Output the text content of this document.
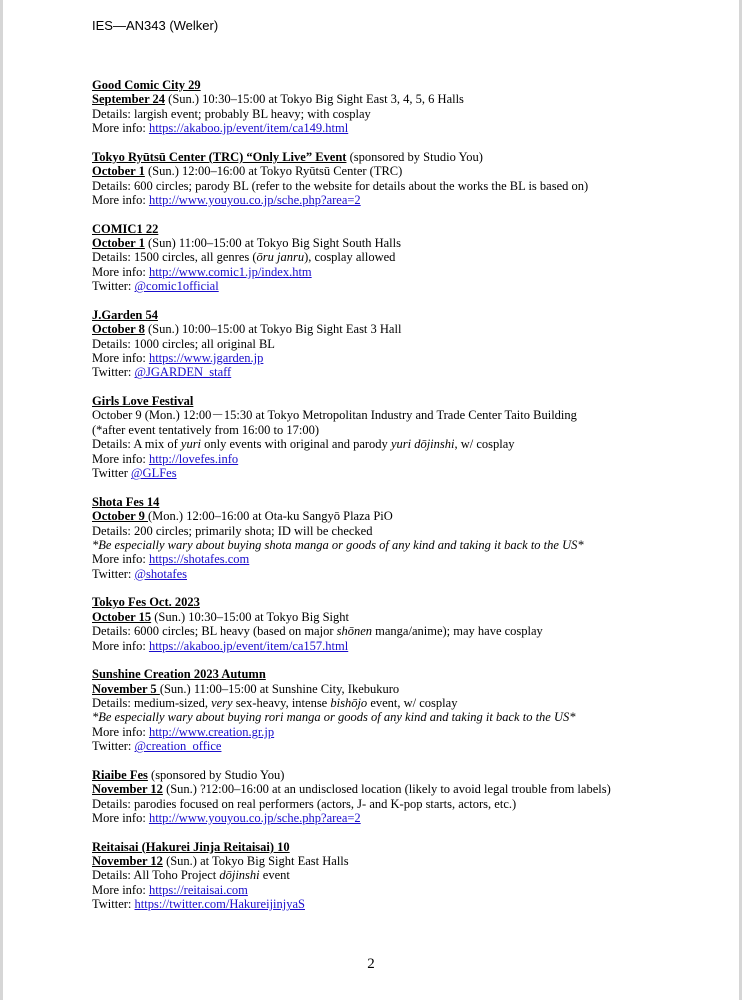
IES—AN343 (Welker)
Good Comic City 29
September 24 (Sun.) 10:30–15:00 at Tokyo Big Sight East 3, 4, 5, 6 Halls
Details: largish event; probably BL heavy; with cosplay
More info: https://akaboo.jp/event/item/ca149.html
Tokyo Ryūtsū Center (TRC) “Only Live” Event (sponsored by Studio You)
October 1 (Sun.) 12:00–16:00 at Tokyo Ryūtsū Center (TRC)
Details: 600 circles; parody BL (refer to the website for details about the works the BL is based on)
More info: http://www.youyou.co.jp/sche.php?area=2
COMIC1 22
October 1 (Sun) 11:00–15:00 at Tokyo Big Sight South Halls
Details: 1500 circles, all genres (ōru janru), cosplay allowed
More info: http://www.comic1.jp/index.htm
Twitter: @comic1official
J.Garden 54
October 8 (Sun.) 10:00–15:00 at Tokyo Big Sight East 3 Hall
Details: 1000 circles; all original BL
More info: https://www.jgarden.jp
Twitter: @JGARDEN_staff
Girls Love Festival
October 9 (Mon.) 12:00－15:30 at Tokyo Metropolitan Industry and Trade Center Taito Building
(*after event tentatively from 16:00 to 17:00)
Details: A mix of yuri only events with original and parody yuri dōjinshi, w/ cosplay
More info: http://lovefes.info
Twitter @GLFes
Shota Fes 14
October 9 (Mon.) 12:00–16:00 at Ota-ku Sangyō Plaza PiO
Details: 200 circles; primarily shota; ID will be checked
*Be especially wary about buying shota manga or goods of any kind and taking it back to the US*
More info: https://shotafes.com
Twitter: @shotafes
Tokyo Fes Oct. 2023
October 15 (Sun.) 10:30–15:00 at Tokyo Big Sight
Details: 6000 circles; BL heavy (based on major shōnen manga/anime); may have cosplay
More info: https://akaboo.jp/event/item/ca157.html
Sunshine Creation 2023 Autumn
November 5 (Sun.) 11:00–15:00 at Sunshine City, Ikebukuro
Details: medium-sized, very sex-heavy, intense bishōjo event, w/ cosplay
*Be especially wary about buying rori manga or goods of any kind and taking it back to the US*
More info: http://www.creation.gr.jp
Twitter: @creation_office
Riaibe Fes (sponsored by Studio You)
November 12 (Sun.) ?12:00–16:00 at an undisclosed location (likely to avoid legal trouble from labels)
Details: parodies focused on real performers (actors, J- and K-pop starts, actors, etc.)
More info: http://www.youyou.co.jp/sche.php?area=2
Reitaisai (Hakurei Jinja Reitaisai) 10
November 12 (Sun.) at Tokyo Big Sight East Halls
Details: All Toho Project dōjinshi event
More info: https://reitaisai.com
Twitter: https://twitter.com/HakureijinjyaS
2
